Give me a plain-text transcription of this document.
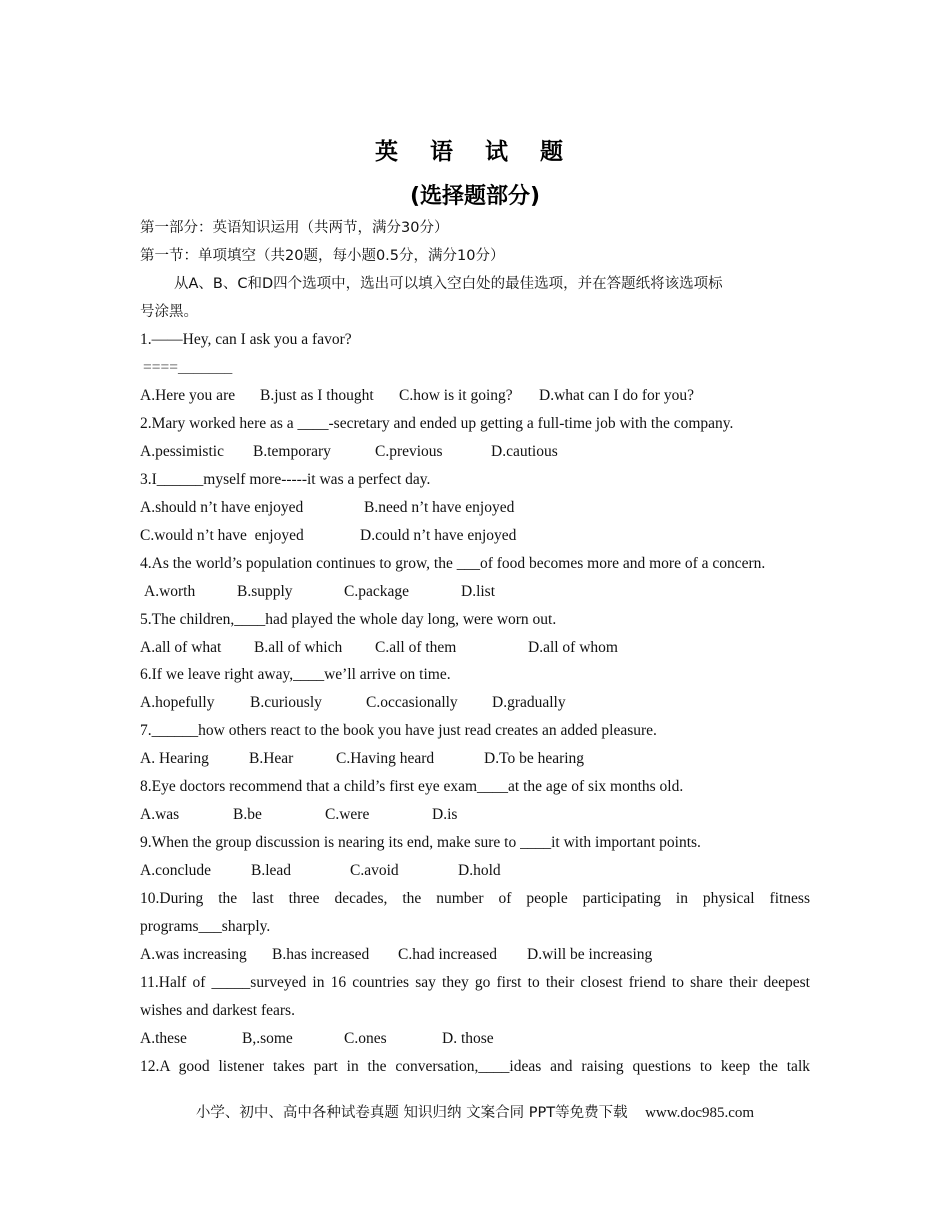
英 语 试 题
(选择题部分)
第一部分：英语知识运用（共两节，满分30分）
第一节：单项填空（共20题，每小题0.5分，满分10分）
从A、B、C和D四个选项中，选出可以填入空白处的最佳选项，并在答题纸将该选项标
号涂黑。
1.——Hey, can I ask you a favor?
====_______
A.Here you are B.just as I thought C.how is it going? D.what can I do for you?
2.Mary worked here as a ____-secretary and ended up getting a full-time job with the company.
A.pessimistic B.temporary	C.previous	D.cautious
3.I______myself more-----it was a perfect day.
A.should n’t have enjoyed	B.need n’t have enjoyed
C.would n’t have  enjoyed	D.could n’t have enjoyed
4.As the world’s population continues to grow, the ___of food becomes more and more of a concern.
A.worth	B.supply	C.package	D.list
5.The children,____had played the whole day long, were worn out.
A.all of what B.all of which C.all of them	D.all of whom
6.If we leave right away,____we’ll arrive on time.
A.hopefully B.curiously	C.occasionally D.gradually
7.______how others react to the book you have just read creates an added pleasure.
A. Hearing	B.Hear	C.Having heard	D.To be hearing
8.Eye doctors recommend that a child’s first eye exam____at the age of six months old.
A.was	B.be	C.were	D.is
9.When the group discussion is nearing its end, make sure to ____it with important points.
A.conclude	B.lead	C.avoid	D.hold
10.During the last three decades, the number of people participating in physical fitness
programs___sharply.
A.was increasing B.has increased C.had increased D.will be increasing
11.Half of _____surveyed in 16 countries say they go first to their closest friend to share their deepest
wishes and darkest fears.
A.these	B,.some	C.ones	D. those
12.A good listener takes part in the conversation,____ideas and raising questions to keep the talk
小学、初中、高中各种试卷真题 知识归纳 文案合同 PPT等免费下载 www.doc985.com
